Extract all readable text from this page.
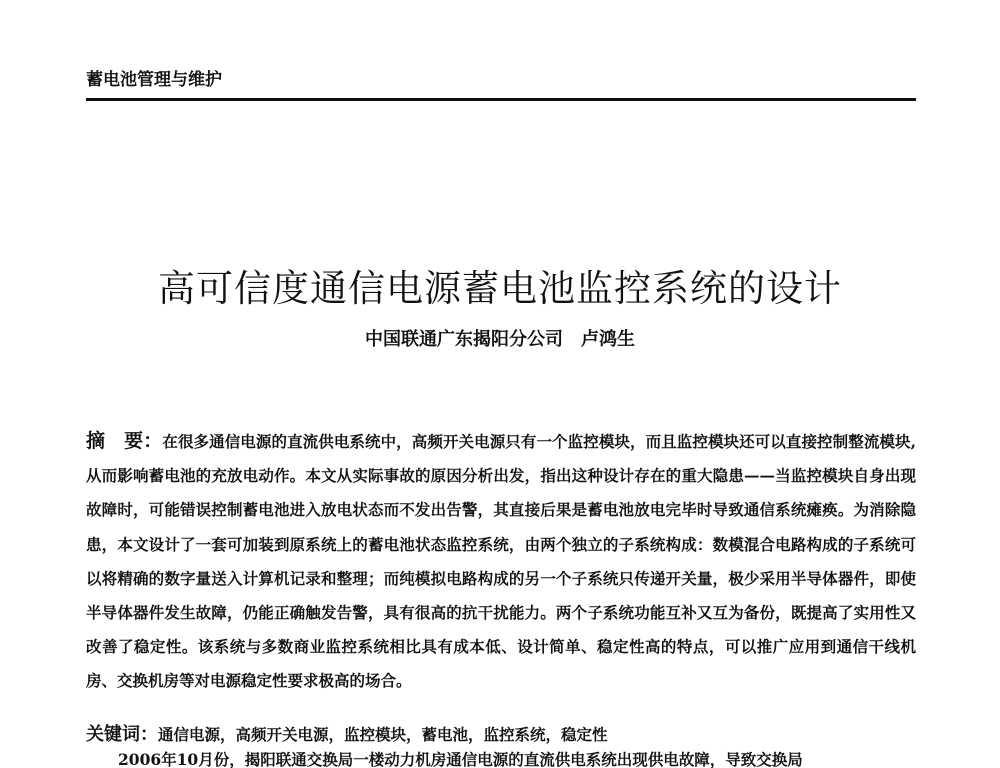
蓄电池管理与维护
高可信度通信电源蓄电池监控系统的设计
中国联通广东揭阳分公司　 卢鸿生
摘　要：在很多通信电源的直流供电系统中，高频开关电源只有一个监控模块，而且监控模块还可以直接控制整流模块,从而影响蓄电池的充放电动作。本文从实际事故的原因分析出发，指出这种设计存在的重大隐患——当监控模块自身出现故障时，可能错误控制蓄电池进入放电状态而不发出告警，其直接后果是蓄电池放电完毕时导致通信系统瘫痪。为消除隐患，本文设计了一套可加装到原系统上的蓄电池状态监控系统，由两个独立的子系统构成：数模混合电路构成的子系统可以将精确的数字量送入计算机记录和整理；而纯模拟电路构成的另一个子系统只传递开关量，极少采用半导体器件，即使半导体器件发生故障，仍能正确触发告警，具有很高的抗干扰能力。两个子系统功能互补又互为备份，既提高了实用性又改善了稳定性。该系统与多数商业监控系统相比具有成本低、设计简单、稳定性高的特点，可以推广应用到通信干线机房、交换机房等对电源稳定性要求极高的场合。
关键词：通信电源，高频开关电源，监控模块，蓄电池，监控系统，稳定性
2006年10月份，揭阳联通交换局一楼动力机房通信电源的直流供电系统出现供电故障，导致交换局
